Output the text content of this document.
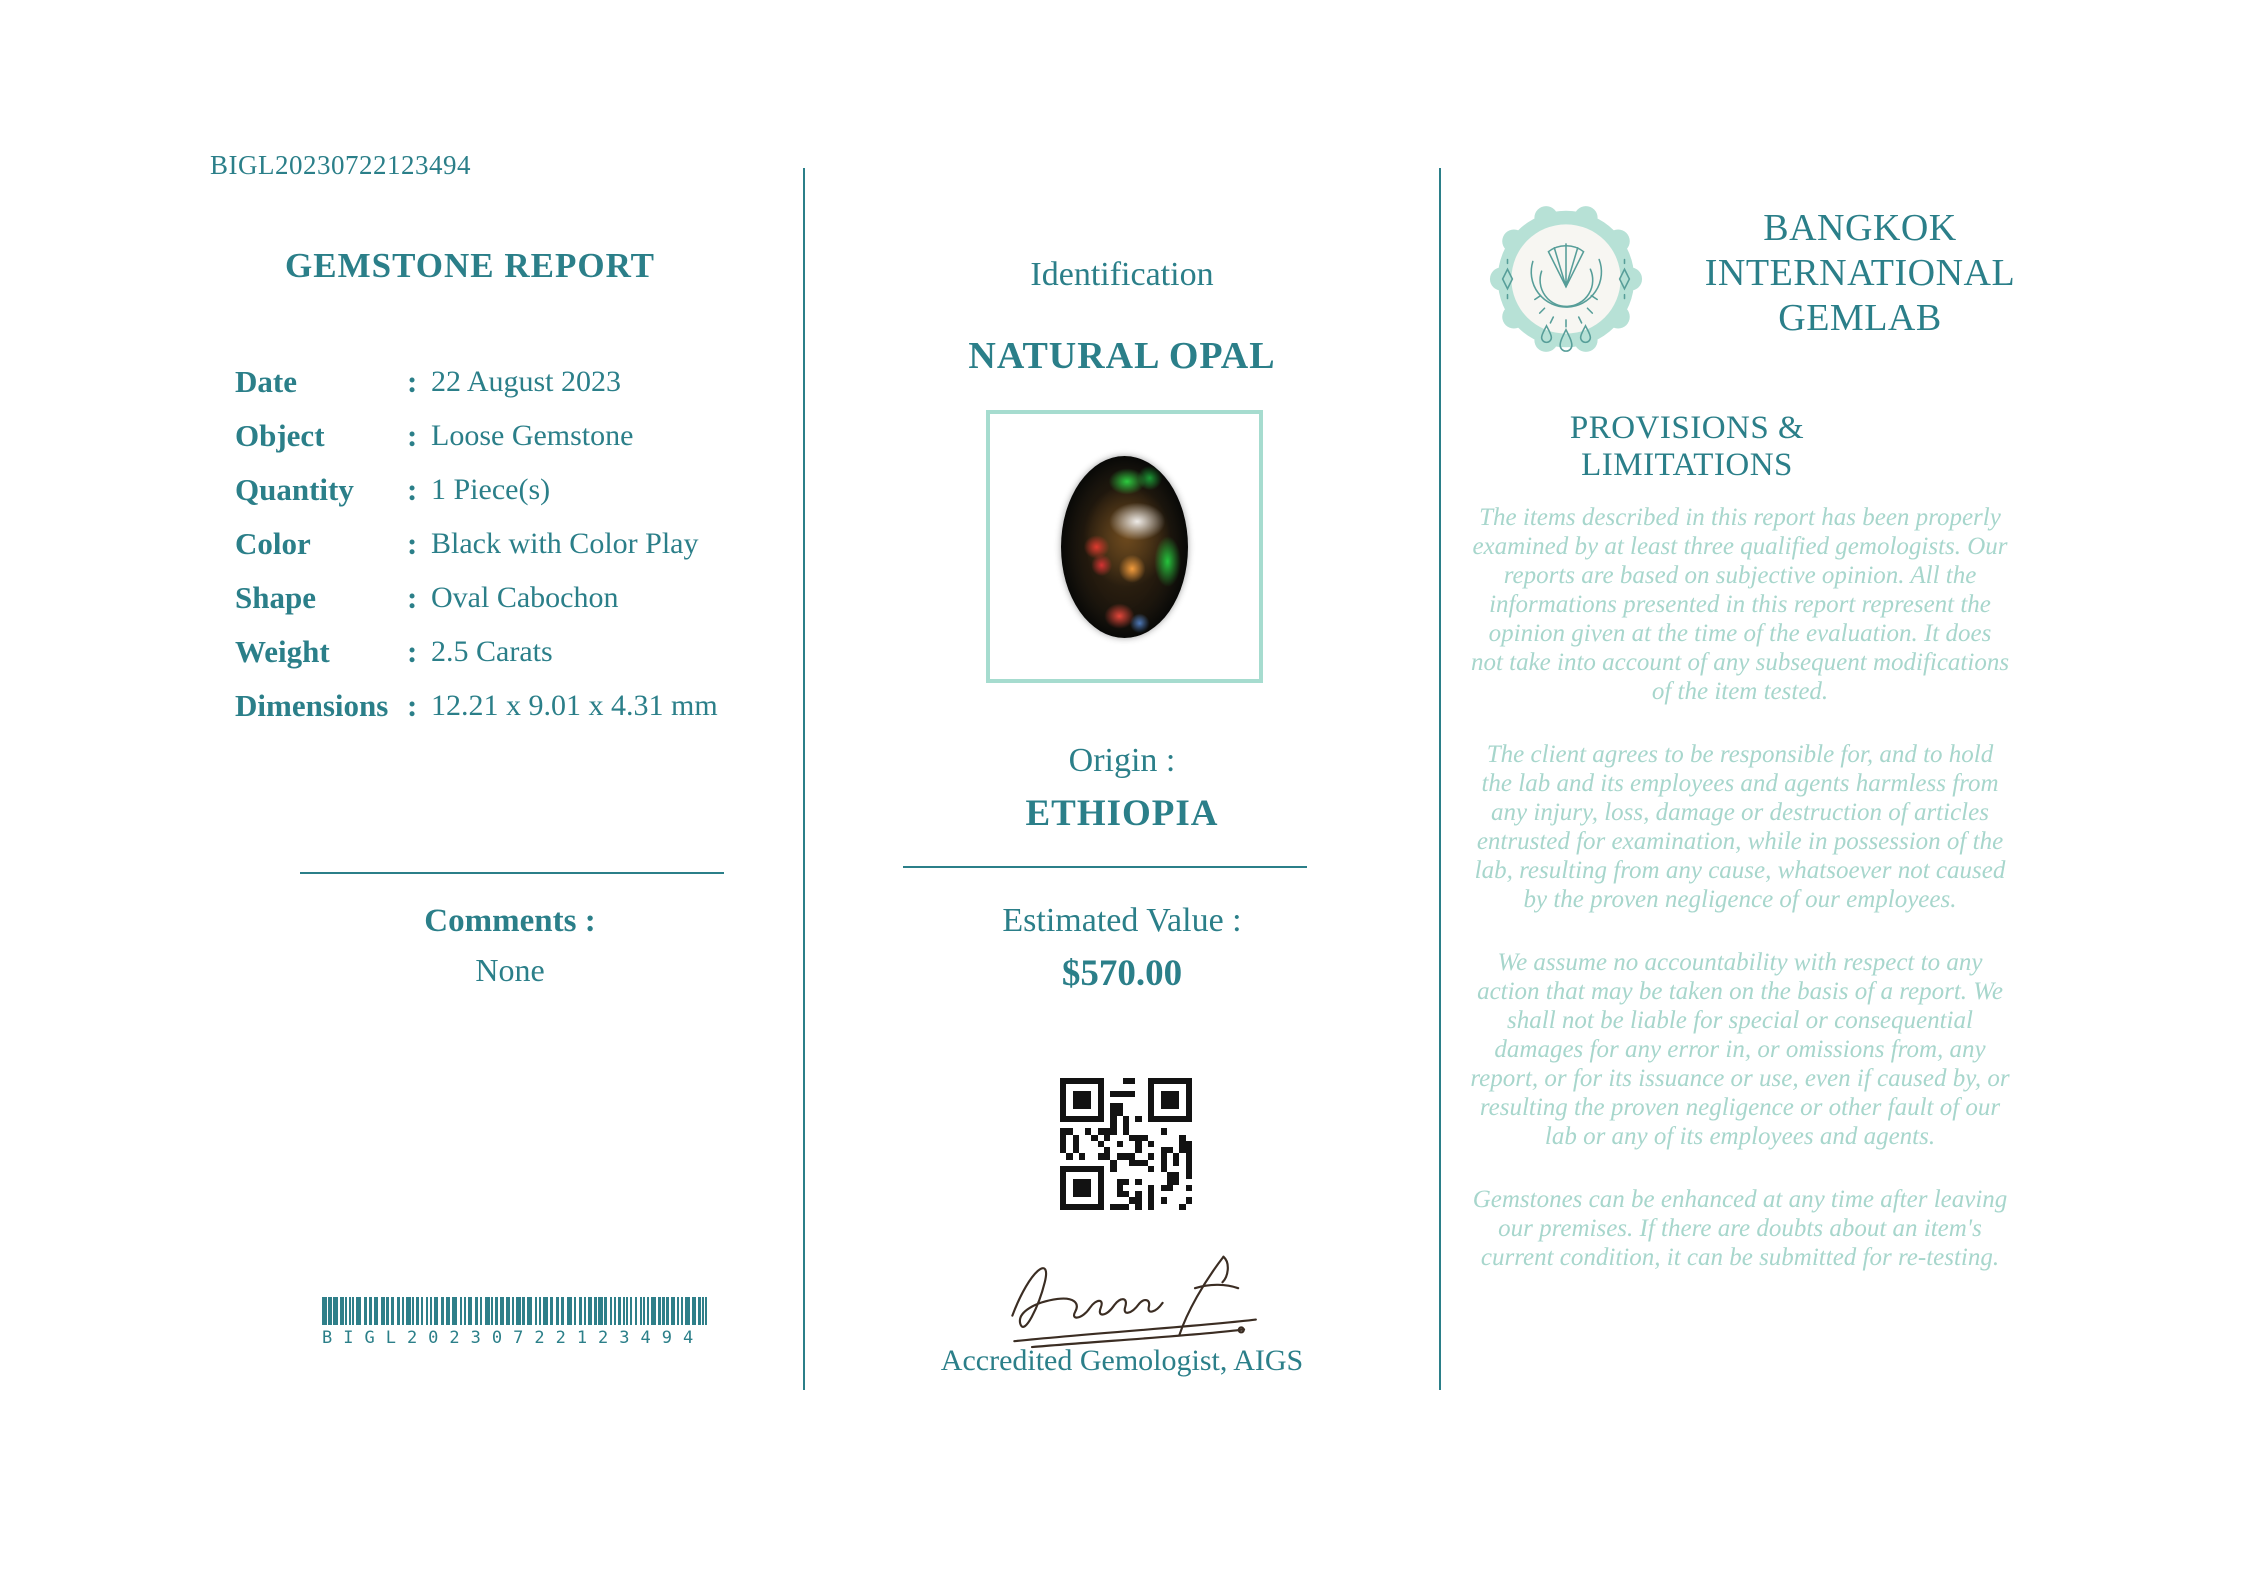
BIGL20230722123494
GEMSTONE REPORT
Date	: 22 August 2023
Object	: Loose Gemstone
Quantity	: 1 Piece(s)
Color	: Black with Color Play
Shape	: Oval Cabochon
Weight	: 2.5 Carats
Dimensions : 12.21 x 9.01 x 4.31 mm
Comments :
None
BIGL20230722123494
Identification
NATURAL OPAL
Origin :
ETHIOPIA
Estimated Value :
$570.00
Accredited Gemologist, AIGS
BANGKOK
INTERNATIONAL
GEMLAB
PROVISIONS & LIMITATIONS

The items described in this report has been properly examined by at least three qualified gemologists. Our reports are based on subjective opinion. All the informations presented in this report represent the opinion given at the time of the evaluation. It does not take into account of any subsequent modifications of the item tested.

The client agrees to be responsible for, and to hold the lab and its employees and agents harmless from any injury, loss, damage or destruction of articles entrusted for examination, while in possession of the lab, resulting from any cause, whatsoever not caused by the proven negligence of our employees.

We assume no accountability with respect to any action that may be taken on the basis of a report. We shall not be liable for special or consequential damages for any error in, or omissions from, any report, or for its issuance or use, even if caused by, or resulting the proven negligence or other fault of our lab or any of its employees and agents.

Gemstones can be enhanced at any time after leaving our premises. If there are doubts about an item's current condition, it can be submitted for re-testing.
